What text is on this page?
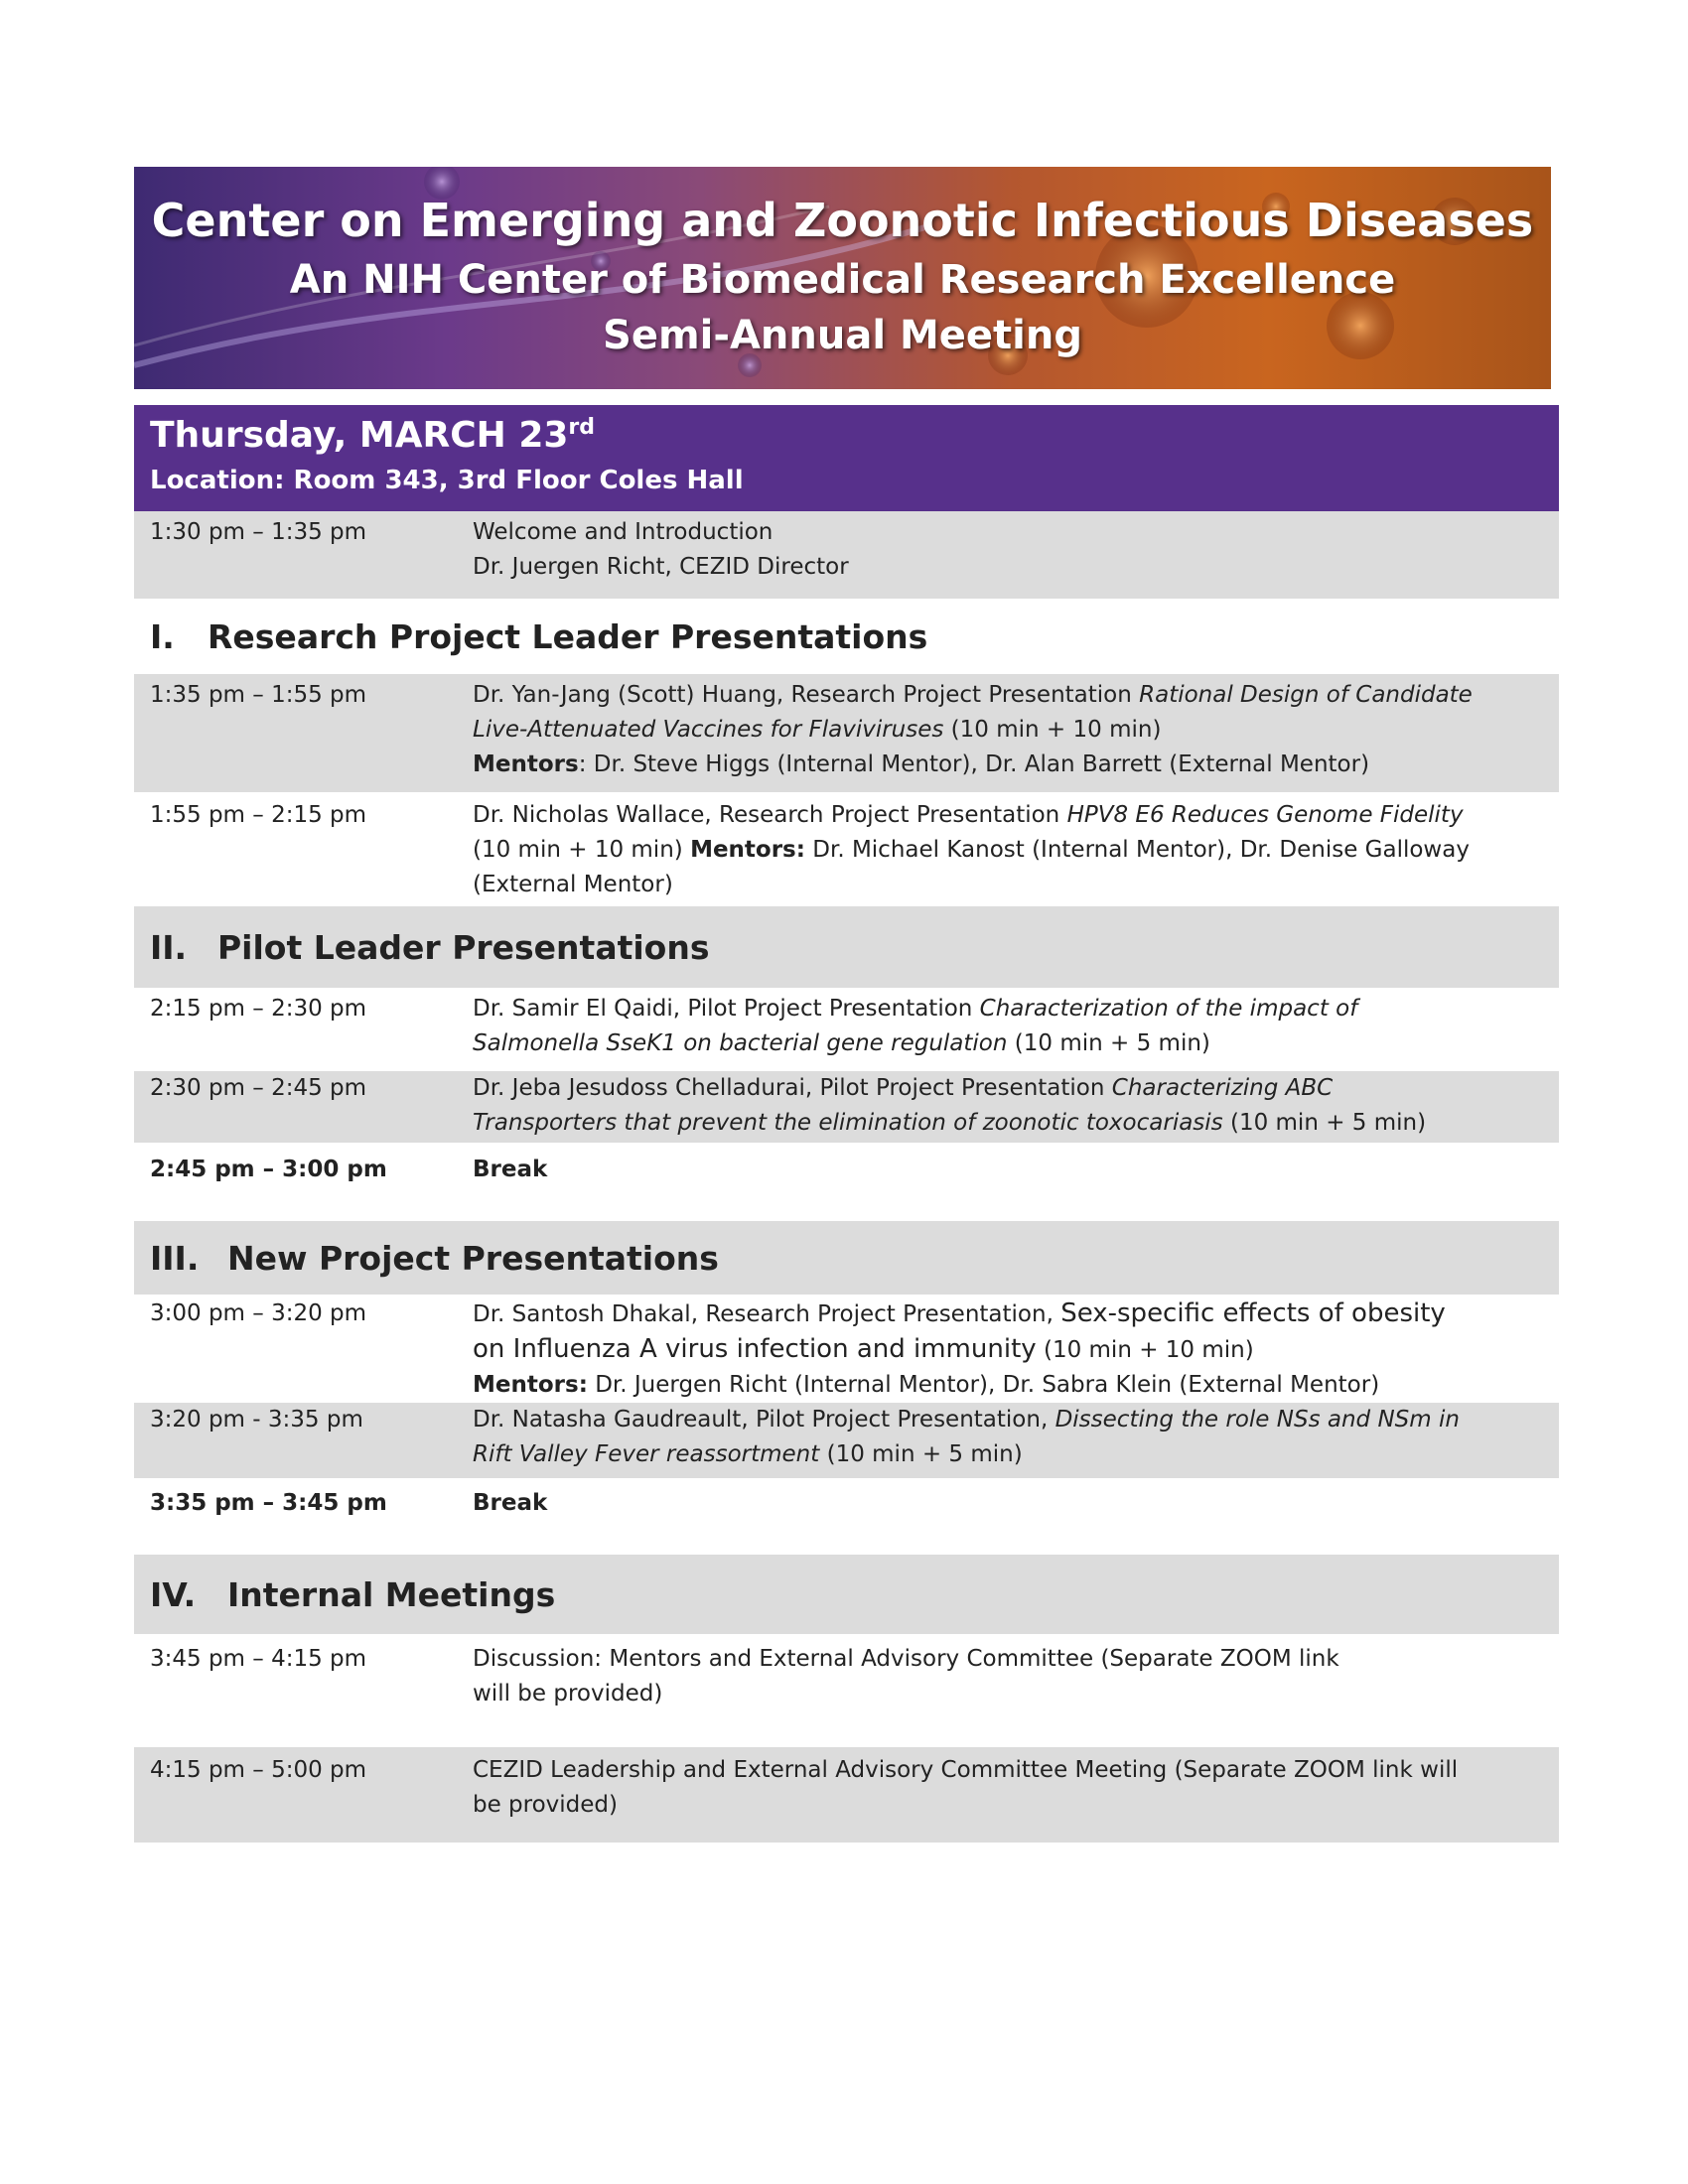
Center on Emerging and Zoonotic Infectious Diseases
An NIH Center of Biomedical Research Excellence
Semi-Annual Meeting
Thursday, MARCH 23rd
Location: Room 343, 3rd Floor Coles Hall
1:30 pm – 1:35 pm	Welcome and Introduction
Dr. Juergen Richt, CEZID Director
I.	Research Project Leader Presentations
1:35 pm – 1:55 pm	Dr. Yan-Jang (Scott) Huang, Research Project Presentation Rational Design of Candidate Live-Attenuated Vaccines for Flaviviruses (10 min + 10 min)
Mentors: Dr. Steve Higgs (Internal Mentor), Dr. Alan Barrett (External Mentor)
1:55 pm – 2:15 pm	Dr. Nicholas Wallace, Research Project Presentation HPV8 E6 Reduces Genome Fidelity (10 min + 10 min) Mentors: Dr. Michael Kanost (Internal Mentor), Dr. Denise Galloway (External Mentor)
II. Pilot Leader Presentations
2:15 pm – 2:30 pm	Dr. Samir El Qaidi, Pilot Project Presentation Characterization of the impact of Salmonella SseK1 on bacterial gene regulation (10 min + 5 min)
2:30 pm – 2:45 pm	Dr. Jeba Jesudoss Chelladurai, Pilot Project Presentation Characterizing ABC Transporters that prevent the elimination of zoonotic toxocariasis (10 min + 5 min)
2:45 pm – 3:00 pm	Break
III. New Project Presentations
3:00 pm – 3:20 pm	Dr. Santosh Dhakal, Research Project Presentation, Sex-specific effects of obesity on Influenza A virus infection and immunity (10 min + 10 min)
Mentors: Dr. Juergen Richt (Internal Mentor), Dr. Sabra Klein (External Mentor)
3:20 pm - 3:35 pm	Dr. Natasha Gaudreault, Pilot Project Presentation, Dissecting the role NSs and NSm in Rift Valley Fever reassortment (10 min + 5 min)
3:35 pm – 3:45 pm	Break
IV. Internal Meetings
3:45 pm – 4:15 pm	Discussion: Mentors and External Advisory Committee (Separate ZOOM link will be provided)
4:15 pm – 5:00 pm	CEZID Leadership and External Advisory Committee Meeting (Separate ZOOM link will be provided)
